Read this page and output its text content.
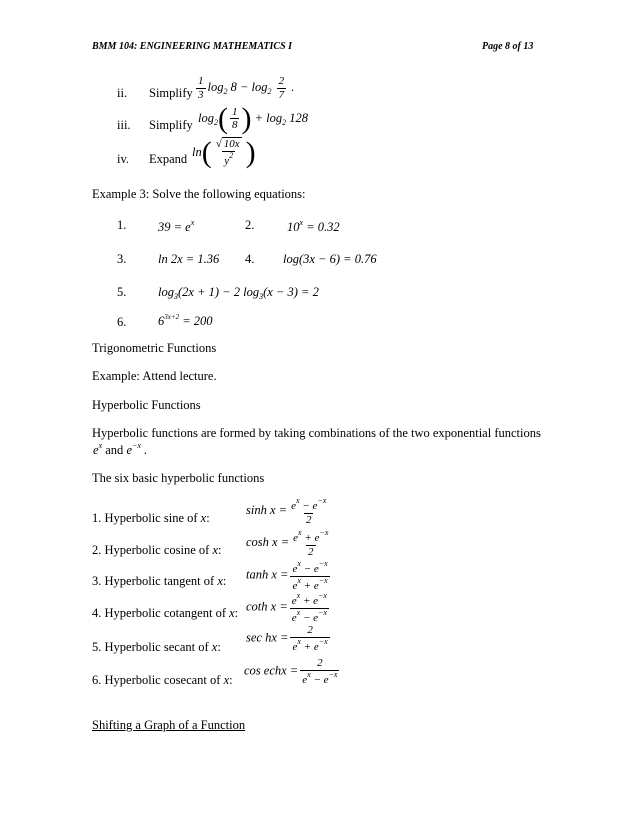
BMM 104: ENGINEERING MATHEMATICS I	Page 8 of 13
ii. Simplify $\frac{1}{3} \log_2 8 - \log_2 \frac{2}{7}$ .
iii. Simplify
$\log_2( \frac{1}{8}$ ) + $\log_2 128$
iv. Expand
$\ln( \frac{√ 10x}{y^2}$ )
Example 3: Solve the following equations:
1.	$39 = e^x$	2.	$10^x = 0.32$
3.	ln 2x = 1.36 4. log(3x − 6) = 0.76
5.	$\log_3(2x + 1) - 2$ $\log_3(x - 3) = 2$
6.	$6^{3x+2} = 200$
Trigonometric Functions
Example: Attend lecture.
Hyperbolic Functions
Hyperbolic functions are formed by taking combinations of the two exponential functions
$e^x$ and $e^{-x}$ .
The six basic hyperbolic functions
1. Hyperbolic sine of x:
$\sinh x = \frac{e^x - e^{-x}}{2}$
2. Hyperbolic cosine of x:
$\cosh x = \frac{e^x + e^{-x}}{2}$
3. Hyperbolic tangent of x: $\tanh x = \frac{e^x - e^{-x}}{e^x + e^{-x}}$
4. Hyperbolic cotangent of x: coth $x = \frac{e^x + e^{-x}}{e^x - e^{-x}}$
5. Hyperbolic secant of x:
sec hx = $\frac{2}{e^x + e^{-x}}$
6. Hyperbolic cosecant of x:
cos echx = $\frac{2}{e^x - e^{-x}}$
Shifting a Graph of a Function
